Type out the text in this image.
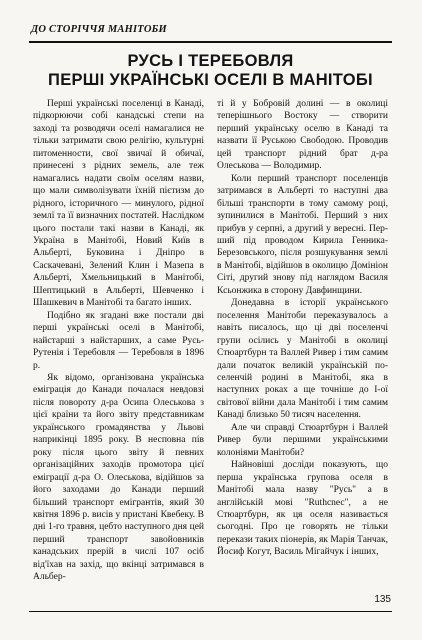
ДО СТОРІЧЧЯ МАНІТОБИ
РУСЬ І ТЕРЕБОВЛЯ
ПЕРШІ УКРАЇНСЬКІ ОСЕЛІ В МАНІТОБІ

Перші українські поселенці в Канаді, підкорюючи собі канадські степи на заході та розводячи оселі намагалися не тільки затримати свою релігію, культурні питоменности, свої звичаї й обичаї, принесені з рідних земель, але теж намагались надати своїм оселям назви, що мали символізувати їхній пієтизм до рідного, історичного — минулого, рідної землї та її визначних постатей. Наслідком цього постали такі назви в Канаді, як Україна в Манітобі, Новий Київ в Альберті, Буковина і Дніпро в Саскачевані, Зелений Клин і Мазепа в Альберті, Хмельницький в Манітобі, Шептицький в Альберті, Шевченко і Шашкевич в Манітобі та багато інших.

Подібно як згадані вже постали дві перші українські оселі в Манітобі, найстарші з найстарших, а саме Русь-Рутенія і Теребовля — Теребовля в 1896 р.

Як відомо, організована українська еміграція до Канади почалася невдовзі після повороту д-ра Осипа Олеськова з цієї країни та його звіту представникам українського громадянства у Львові наприкінці 1895 року. В несповна пів року після цього звіту й певних організаційних заходів промотора цієї еміграції д-ра О. Олеськова, відійшов за його заходами до Канади перший більший транспорт емігрантів, який 30 квітня 1896 р. висів у пристані Квебеку. В дні 1-го травня, цебто наступного дня цей перший транспорт завойовників канадських прерій в числі 107 осіб від'їхав на захід, що вкінці затримався в Альбер-

ті й у Бобровій долині — в околиці теперішнього Востоку — створити перший українську оселю в Канаді та назвати її Руською Свободою. Проводив цей транспорт рідний брат д-ра Олеськова — Володимир.

Коли перший транспорт поселенців затримався в Альберті то наступні два більші транспорти в тому самому році, зупинилися в Манітобі. Перший з них прибув у серпні, а другий у вересні. Перший під проводом Кирила Генника-Березовського, після розшукування землі в Манітобі, відійшов в околицю Домініон Сіті, другий знову під наглядом Василя Ксьонжика в сторону Давфинщини.

Донедавна в історії українського поселення Манітоби переказувалось а навіть писалось, що ці дві поселенчі групи осілись у Манітобі в околиці Стюартбурн та Валлей Ривер і тим самим дали початок великій українській поселенчій родині в Манітобі, яка в наступних роках а ще точніше до І-ої світової війни дала Манітобі і тим самим Канаді близько 50 тисяч населення.

Але чи справді Стюартбурн і Валлей Ривер були першими українськими колоніями Манітоби?

Найновіші досліди показують, що перша українська групова оселя в Манітобі мала назву "Русь" а в англійській мові "Ruthcnес", а не Стюартбурн, як ця оселя називається сьогодні. Про це говорять не тільки перекази таких піонерів, як Марія Танчак, Йосиф Когут, Василь Мігайчук і інших,

135
